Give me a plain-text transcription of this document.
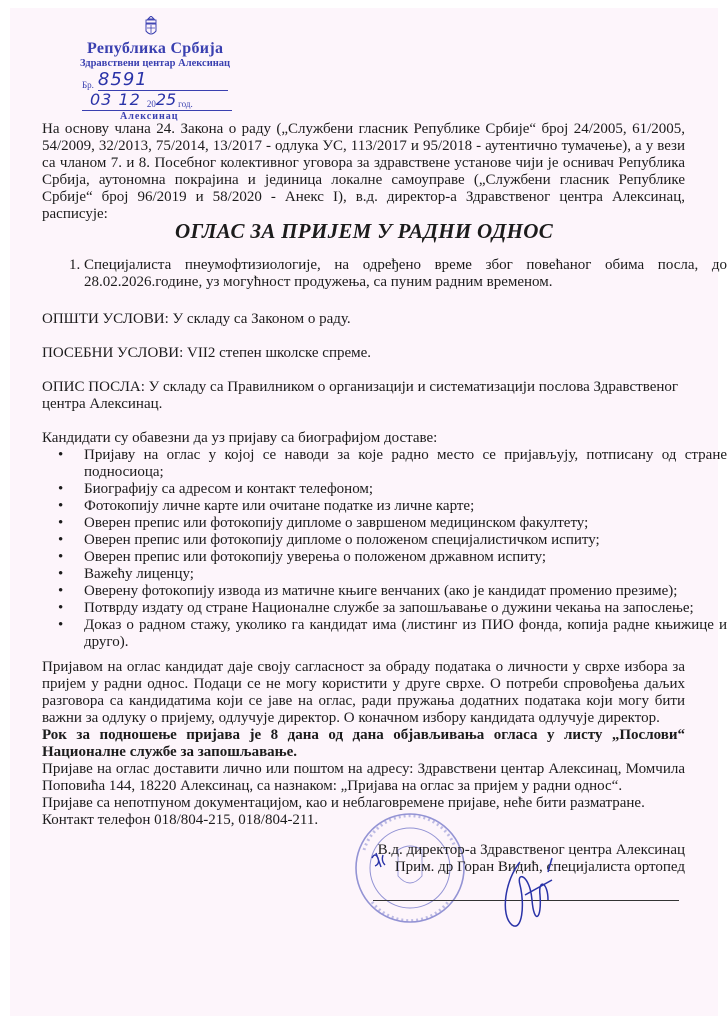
Република Србија
Здравствени центар Алексинац
Бр. 8591
03 12 2025 год.
Алексинац
На основу члана 24. Закона о раду („Службени гласник Републике Србије“ број 24/2005, 61/2005, 54/2009, 32/2013, 75/2014, 13/2017 - одлука УС, 113/2017 и 95/2018 - аутентично тумачење), а у вези са чланом 7. и 8. Посебног колективног уговора за здравствене установе чији је оснивач Република Србија, аутономна покрајина и јединица локалне самоуправе („Службени гласник Републике Србије“ број 96/2019 и 58/2020 - Анекс I), в.д. директор-а Здравственог центра Алексинац, расписује:
ОГЛАС ЗА ПРИЈЕМ У РАДНИ ОДНОС
1. Специјалиста пнеумофтизиологије, на одређено време због повећаног обима посла, до 28.02.2026.године, уз могућност продужења, са пуним радним временом.
ОПШТИ УСЛОВИ: У складу са Законом о раду.
ПОСЕБНИ УСЛОВИ: VII2 степен школске спреме.
ОПИС ПОСЛА: У складу са Правилником о организацији и систематизацији послова Здравственог центра Алексинац.
Кандидати су обавезни да уз пријаву са биографијом доставе:
• Пријаву на оглас у којој се наводи за које радно место се пријављују, потписану од стране подносиоца;
• Биографију са адресом и контакт телефоном;
• Фотокопију личне карте или очитане податке из личне карте;
• Оверен препис или фотокопију дипломе о завршеном медицинском факултету;
• Оверен препис или фотокопију дипломе о положеном специјалистичком испиту;
• Оверен препис или фотокопију уверења о положеном државном испиту;
• Важећу лиценцу;
• Оверену фотокопију извода из матичне књиге венчаних (ако је кандидат променио презиме);
• Потврду издату од стране Националне службе за запошљавање о дужини чекања на запослење;
• Доказ о радном стажу, уколико га кандидат има (листинг из ПИО фонда, копија радне књижице и друго).
Пријавом на оглас кандидат даје своју сагласност за обраду података о личности у сврхе избора за пријем у радни однос. Подаци се не могу користити у друге сврхе. О потреби спровођења даљих разговора са кандидатима који се јаве на оглас, ради пружања додатних података који могу бити важни за одлуку о пријему, одлучује директор. О коначном избору кандидата одлучује директор.
Рок за подношење пријава је 8 дана од дана објављивања огласа у листу „Послови“ Националне службе за запошљавање.
Пријаве на оглас доставити лично или поштом на адресу: Здравствени центар Алексинац, Момчила Поповића 144, 18220 Алексинац, са назнаком: „Пријава на оглас за пријем у радни однос“.
Пријаве са непотпуном документацијом, као и неблаговремене пријаве, неће бити разматране.
Контакт телефон 018/804-215, 018/804-211.
В.д. директор-а Здравственог центра Алексинац
Прим. др Горан Видић, специјалиста ортопед
